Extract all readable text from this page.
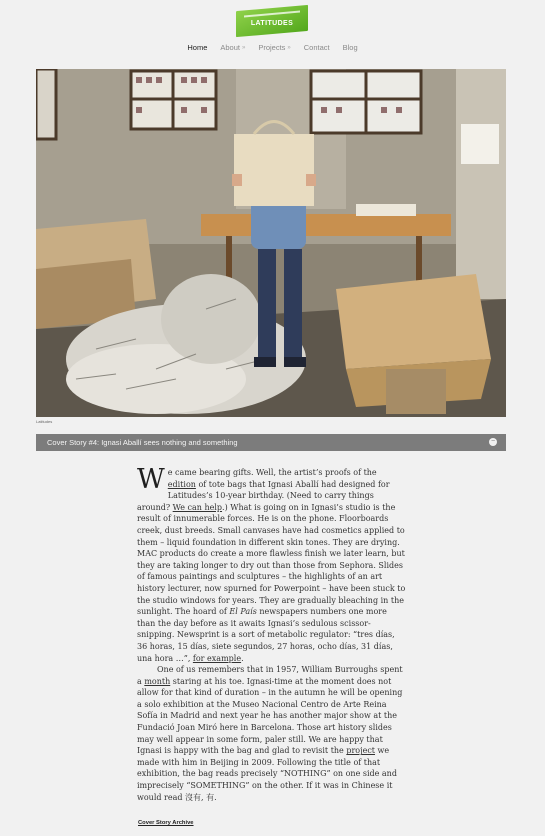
LATITUDES
Home About » Projects » Contact Blog
Latitudes
Cover Story #4: Ignasi Aballí sees nothing and something	−

We came bearing gifts. Well, the artist’s proofs of the edition of tote bags that Ignasi Aballí had designed for Latitudes’s 10-year birthday. (Need to carry things around? We can help.) What is going on in Ignasi’s studio is the result of innumerable forces. He is on the phone. Floorboards creek, dust breeds. Small canvases have had cosmetics applied to them – liquid foundation in different skin tones. They are drying. MAC products do create a more flawless finish we later learn, but they are taking longer to dry out than those from Sephora. Slides of famous paintings and sculptures – the highlights of an art history lecturer, now spurned for Powerpoint – have been stuck to the studio windows for years. They are gradually bleaching in the sunlight. The hoard of El País newspapers numbers one more than the day before as it awaits Ignasi’s sedulous scissor-snipping. Newsprint is a sort of metabolic regulator: “tres días, 36 horas, 15 días, siete segundos, 27 horas, ocho días, 31 días, una hora …”, for example.

One of us remembers that in 1957, William Burroughs spent a month staring at his toe. Ignasi-time at the moment does not allow for that kind of duration – in the autumn he will be opening a solo exhibition at the Museo Nacional Centro de Arte Reina Sofía in Madrid and next year he has another major show at the Fundació Joan Miró here in Barcelona. Those art history slides may well appear in some form, paler still. We are happy that Ignasi is happy with the bag and glad to revisit the project we made with him in Beijing in 2009. Following the title of that exhibition, the bag reads precisely “NOTHING” on one side and imprecisely “SOMETHING” on the other. If it was in Chinese it would read 沒有, 有.

Cover Story Archive
